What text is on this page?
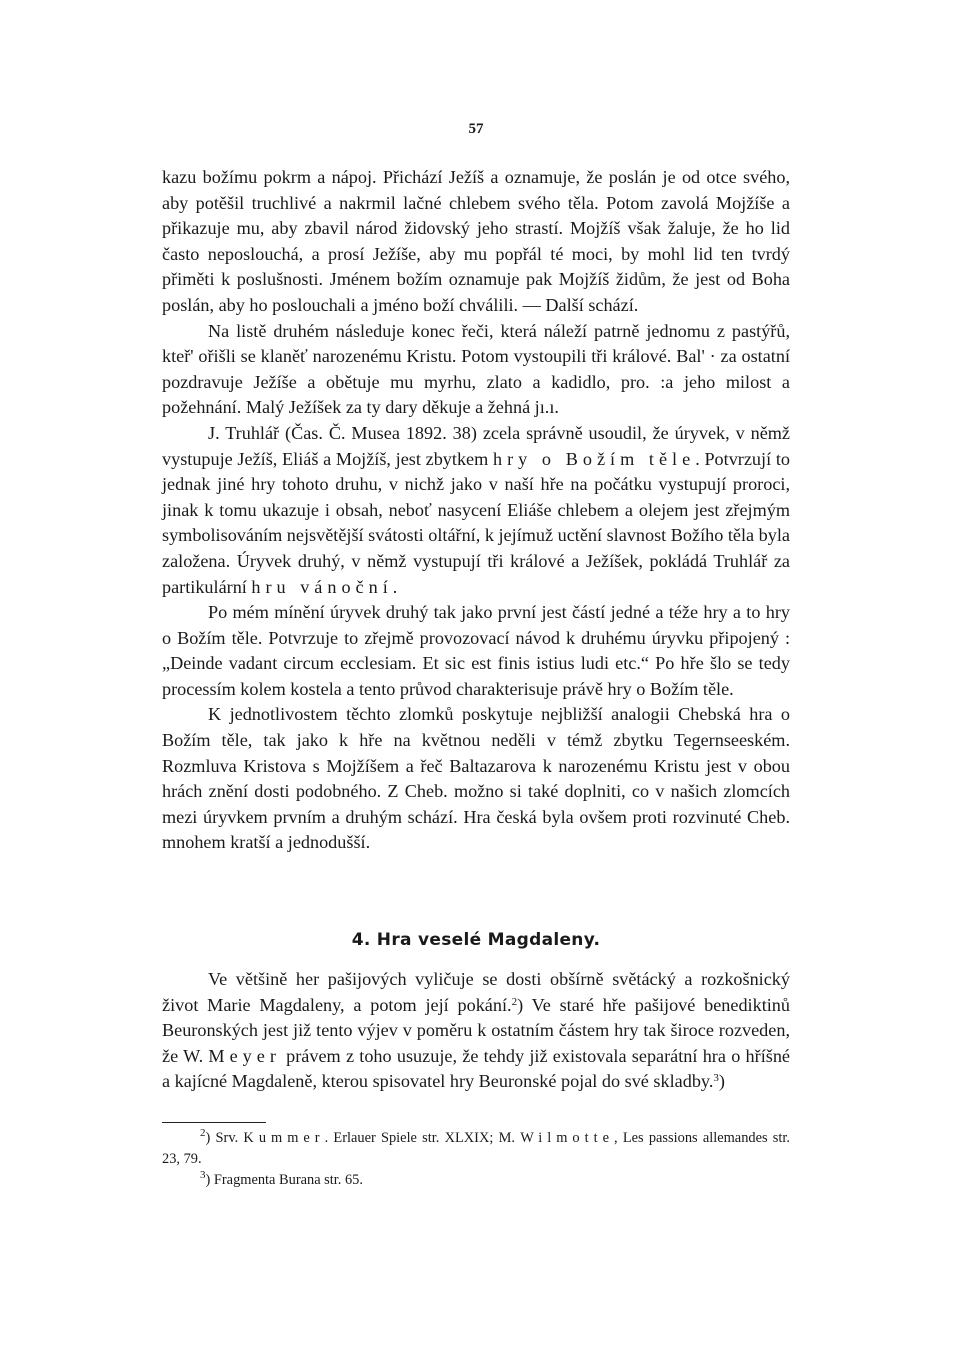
57

kazu božímu pokrm a nápoj. Přichází Ježíš a oznamuje, že poslán je od otce svého, aby potěšil truchlivé a nakrmil lačné chlebem svého těla. Potom zavolá Mojžíše a přikazuje mu, aby zbavil národ židovský jeho strastí. Mojžíš však žaluje, že ho lid často neposlouchá, a prosí Ježíše, aby mu popřál té moci, by mohl lid ten tvrdý přiměti k poslušnosti. Jménem božím oznamuje pak Mojžíš židům, že jest od Boha poslán, aby ho poslouchali a jméno boží chválili. — Další schází.

Na listě druhém následuje konec řeči, která náleží patrně jednomu z pastýřů, kteř' ořišli se klaněť narozenému Kristu. Potom vystoupili tři králové. Bal' · za ostatní pozdravuje Ježíše a obětuje mu myrhu, zlato a kadidlo, pro. :a jeho milost a požehnání. Malý Ježíšek za ty dary děkuje a žehná jı.ı.

J. Truhlář (Čas. Č. Musea 1892. 38) zcela správně usoudil, že úryvek, v němž vystupuje Ježíš, Eliáš a Mojžíš, jest zbytkem hry o Božím těle. Potvrzují to jednak jiné hry tohoto druhu, v nichž jako v naší hře na počátku vystupují proroci, jinak k tomu ukazuje i obsah, neboť nasycení Eliáše chlebem a olejem jest zřejmým symbolisováním nejsvětější svátosti oltářní, k jejímuž uctění slavnost Božího těla byla založena. Úryvek druhý, v němž vystupují tři králové a Ježíšek, pokládá Truhlář za partikulární hru vánoční.

Po mém mínění úryvek druhý tak jako první jest částí jedné a téže hry a to hry o Božím těle. Potvrzuje to zřejmě provozovací návod k druhému úryvku připojený :„Deinde vadant circum ecclesiam. Et sic est finis istius ludi etc.“ Po hře šlo se tedy processím kolem kostela a tento průvod charakterisuje právě hry o Božím těle.

K jednotlivostem těchto zlomků poskytuje nejbližší analogii Chebská hra o Božím těle, tak jako k hře na květnou neděli v témž zbytku Tegernseeském. Rozmluva Kristova s Mojžíšem a řeč Baltazarova k narozenému Kristu jest v obou hrách znění dosti podobného. Z Cheb. možno si také doplniti, co v našich zlomcích mezi úryvkem prvním a druhým schází. Hra česká byla ovšem proti rozvinuté Cheb. mnohem kratší a jednodušší.

4. Hra veselé Magdaleny.

Ve většině her pašijových vyličuje se dosti obšírně světácký a rozkošnický život Marie Magdaleny, a potom její pokání.$^2$) Ve staré hře pašijové benediktinů Beuronských jest již tento výjev v poměru k ostatním částem hry tak široce rozveden, že W. Meyer právem z toho usuzuje, že tehdy již existovala separátní hra o hříšné a kajícné Magdaleně, kterou spisovatel hry Beuronské pojal do své skladby.$^3$)

$^2$) Srv. Kummer. Erlauer Spiele str. XLXIX; M. Wilmotte, Les passions allemandes str. 23, 79.

$^3$) Fragmenta Burana str. 65.
